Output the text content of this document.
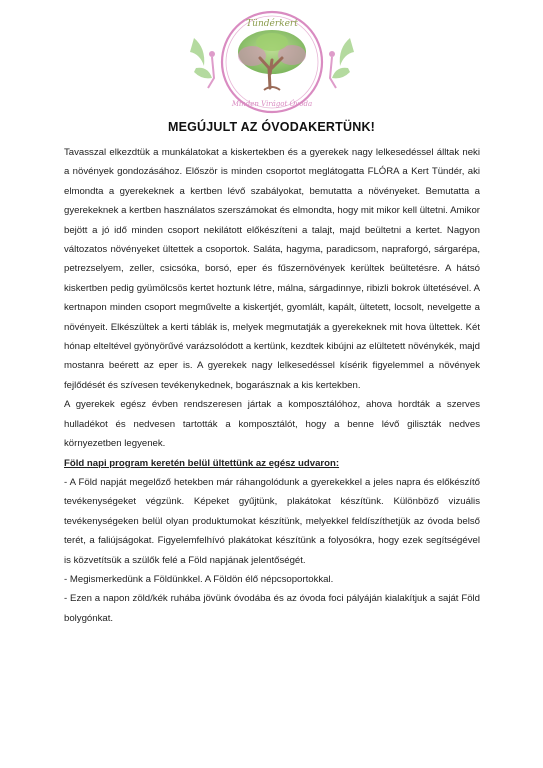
Tündérkert
Minden Virágot Óvoda
MEGÚJULT AZ ÓVODAKERTÜNK!

Tavasszal elkezdtük a munkálatokat a kiskertekben és a gyerekek nagy lelkesedéssel álltak neki a növények gondozásához. Először is minden csoportot meglátogatta FLÓRA a Kert Tündér, aki elmondta a gyerekeknek a kertben lévő szabályokat, bemutatta a növényeket. Bemutatta a gyerekeknek a kertben használatos szerszámokat és elmondta, hogy mit mikor kell ültetni. Amikor bejött a jó idő minden csoport nekilátott előkészíteni a talajt, majd beültetni a kertet. Nagyon változatos növényeket ültettek a csoportok. Saláta, hagyma, paradicsom, napraforgó, sárgarépa, petrezselyem, zeller, csicsóka, borsó, eper és fűszernövények kerültek beültetésre. A hátsó kiskertben pedig gyümölcsös kertet hoztunk létre, málna, sárgadinnye, ribizli bokrok ültetésével. A kertnapon minden csoport megművelte a kiskertjét, gyomlált, kapált, ültetett, locsolt, nevelgette a növényeit. Elkészültek a kerti táblák is, melyek megmutatják a gyerekeknek mit hova ültettek. Két hónap elteltével gyönyörűvé varázsolódott a kertünk, kezdtek kibújni az elültetett növénykék, majd mostanra beérett az eper is. A gyerekek nagy lelkesedéssel kísérik figyelemmel a növények fejlődését és szívesen tevékenykednek, bogarásznak a kis kertekben.

A gyerekek egész évben rendszeresen jártak a komposztálóhoz, ahova hordták a szerves hulladékot és nedvesen tartották a komposztálót, hogy a benne lévő giliszták nedves környezetben legyenek.

Föld napi program keretén belül ültettünk az egész udvaron:

- A Föld napját megelőző hetekben már ráhangolódunk a gyerekekkel a jeles napra és előkészítő tevékenységeket végzünk. Képeket gyűjtünk, plakátokat készítünk. Különböző vizuális tevékenységeken belül olyan produktumokat készítünk, melyekkel feldíszíthetjük az óvoda belső terét, a faliújságokat. Figyelemfelhívó plakátokat készítünk a folyosókra, hogy ezek segítségével is közvetítsük a szülők felé a Föld napjának jelentőségét.

- Megismerkedünk a Földünkkel. A Földön élő népcsoportokkal.

- Ezen a napon zöld/kék ruhába jövünk óvodába és az óvoda foci pályáján kialakítjuk a saját Föld bolygónkat.
